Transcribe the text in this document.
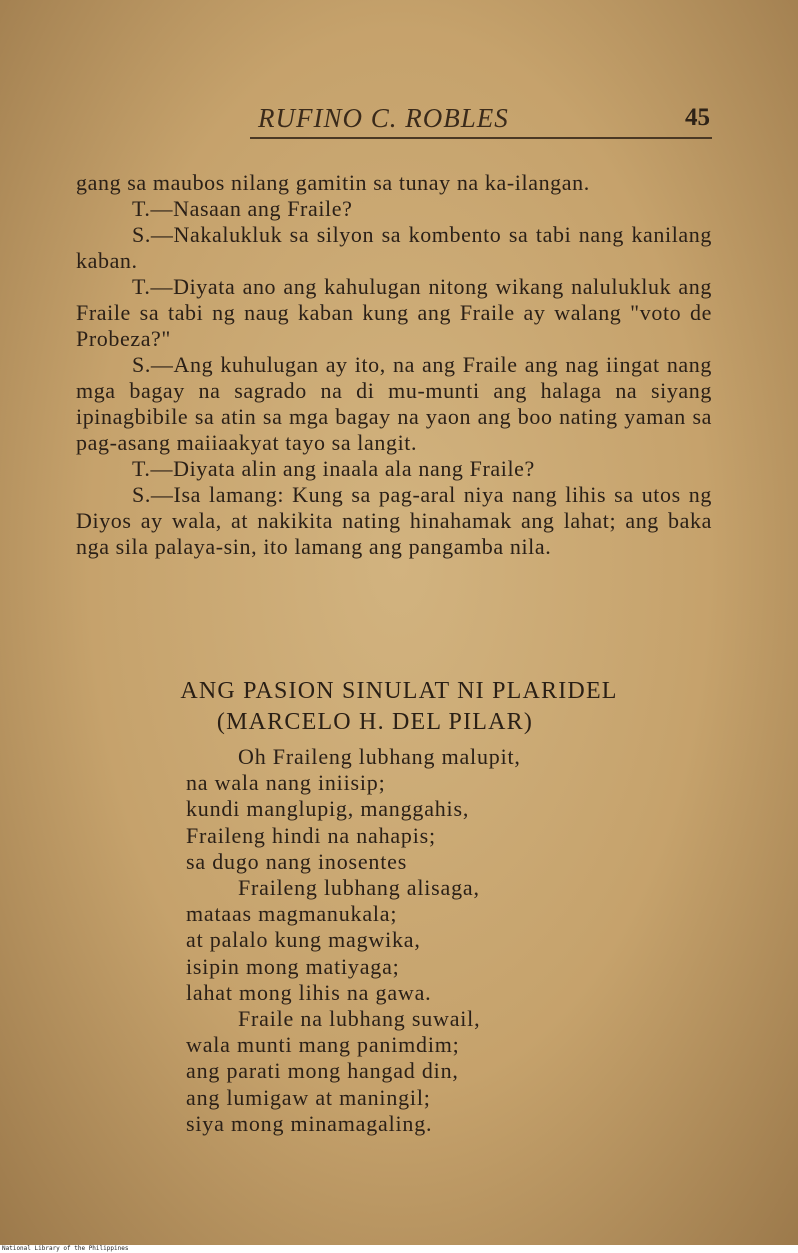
RUFINO C. ROBLES	45

gang sa maubos nilang gamitin sa tunay na ka-ilangan.

T.—Nasaan ang Fraile?

S.—Nakalukluk sa silyon sa kombento sa tabi nang kanilang kaban.

T.—Diyata ano ang kahulugan nitong wikang nalulukluk ang Fraile sa tabi ng naug kaban kung ang Fraile ay walang "voto de Probeza?"

S.—Ang kuhulugan ay ito, na ang Fraile ang nag iingat nang mga bagay na sagrado na di mu-munti ang halaga na siyang ipinagbibile sa atin sa mga bagay na yaon ang boo nating yaman sa pag-asang maiiaakyat tayo sa langit.

T.—Diyata alin ang inaala ala nang Fraile?

S.—Isa lamang: Kung sa pag-aral niya nang lihis sa utos ng Diyos ay wala, at nakikita nating hinahamak ang lahat; ang baka nga sila palaya-sin, ito lamang ang pangamba nila.

ANG PASION SINULAT NI PLARIDEL
(MARCELO H. DEL PILAR)
Oh Fraileng lubhang malupit,
na wala nang iniisip;
kundi manglupig, manggahis,
Fraileng hindi na nahapis;
sa dugo nang inosentes
Fraileng lubhang alisaga,
mataas magmanukala;
at palalo kung magwika,
isipin mong matiyaga;
lahat mong lihis na gawa.
Fraile na lubhang suwail,
wala munti mang panimdim;
ang parati mong hangad din,
ang lumigaw at maningil;
siya mong minamagaling.
National Library of the Philippines
